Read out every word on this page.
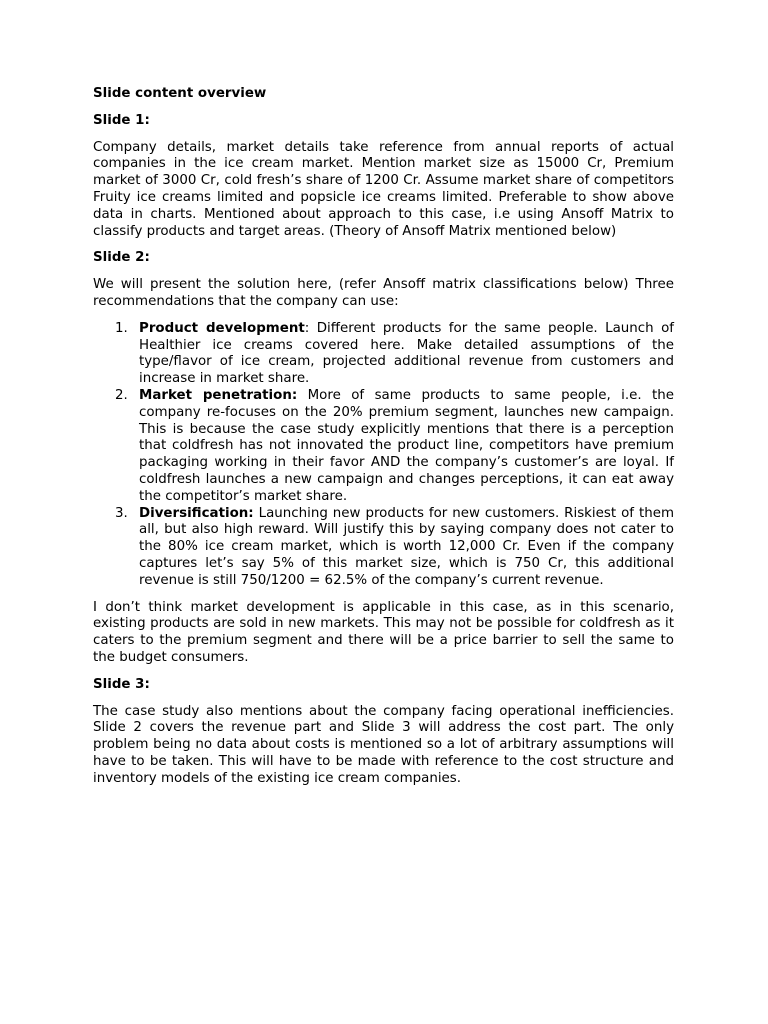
Slide content overview

Slide 1:

Company details, market details take reference from annual reports of actual companies in the ice cream market. Mention market size as 15000 Cr, Premium market of 3000 Cr, cold fresh’s share of 1200 Cr. Assume market share of competitors Fruity ice creams limited and popsicle ice creams limited. Preferable to show above data in charts. Mentioned about approach to this case, i.e using Ansoff Matrix to classify products and target areas. (Theory of Ansoff Matrix mentioned below)

Slide 2:

We will present the solution here, (refer Ansoff matrix classifications below) Three recommendations that the company can use:

1. Product development: Different products for the same people. Launch of Healthier ice creams covered here. Make detailed assumptions of the type/flavor of ice cream, projected additional revenue from customers and increase in market share.
2. Market penetration: More of same products to same people, i.e. the company re-focuses on the 20% premium segment, launches new campaign. This is because the case study explicitly mentions that there is a perception that coldfresh has not innovated the product line, competitors have premium packaging working in their favor AND the company’s customer’s are loyal. If coldfresh launches a new campaign and changes perceptions, it can eat away the competitor’s market share.
3. Diversification: Launching new products for new customers. Riskiest of them all, but also high reward. Will justify this by saying company does not cater to the 80% ice cream market, which is worth 12,000 Cr. Even if the company captures let’s say 5% of this market size, which is 750 Cr, this additional revenue is still 750/1200 = 62.5% of the company’s current revenue.

I don’t think market development is applicable in this case, as in this scenario, existing products are sold in new markets. This may not be possible for coldfresh as it caters to the premium segment and there will be a price barrier to sell the same to the budget consumers.

Slide 3:

The case study also mentions about the company facing operational inefficiencies. Slide 2 covers the revenue part and Slide 3 will address the cost part. The only problem being no data about costs is mentioned so a lot of arbitrary assumptions will have to be taken. This will have to be made with reference to the cost structure and inventory models of the existing ice cream companies.
